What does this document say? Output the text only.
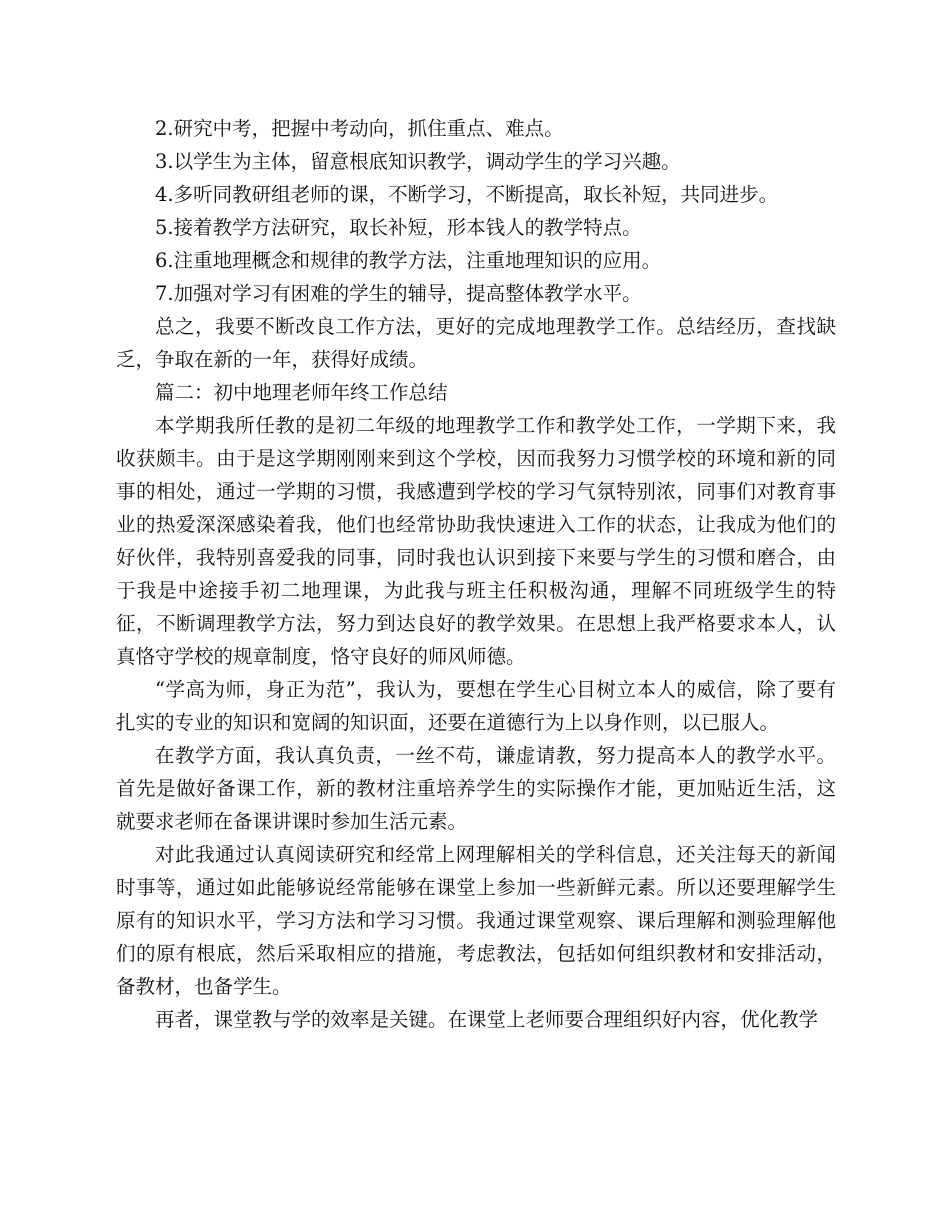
2.研究中考，把握中考动向，抓住重点、难点。

3.以学生为主体，留意根底知识教学，调动学生的学习兴趣。

4.多听同教研组老师的课，不断学习，不断提高，取长补短，共同进步。

5.接着教学方法研究，取长补短，形本钱人的教学特点。

6.注重地理概念和规律的教学方法，注重地理知识的应用。

7.加强对学习有困难的学生的辅导，提高整体教学水平。

总之，我要不断改良工作方法，更好的完成地理教学工作。总结经历，查找缺乏，争取在新的一年，获得好成绩。

篇二：初中地理老师年终工作总结

本学期我所任教的是初二年级的地理教学工作和教学处工作，一学期下来，我收获颇丰。由于是这学期刚刚来到这个学校，因而我努力习惯学校的环境和新的同事的相处，通过一学期的习惯，我感遭到学校的学习气氛特别浓，同事们对教育事业的热爱深深感染着我，他们也经常协助我快速进入工作的状态，让我成为他们的好伙伴，我特别喜爱我的同事，同时我也认识到接下来要与学生的习惯和磨合，由于我是中途接手初二地理课，为此我与班主任积极沟通，理解不同班级学生的特征，不断调理教学方法，努力到达良好的教学效果。在思想上我严格要求本人，认真恪守学校的规章制度，恪守良好的师风师德。

“学高为师，身正为范”，我认为，要想在学生心目树立本人的威信，除了要有扎实的专业的知识和宽阔的知识面，还要在道德行为上以身作则，以已服人。

在教学方面，我认真负责，一丝不苟，谦虚请教，努力提高本人的教学水平。首先是做好备课工作，新的教材注重培养学生的实际操作才能，更加贴近生活，这就要求老师在备课讲课时参加生活元素。

对此我通过认真阅读研究和经常上网理解相关的学科信息，还关注每天的新闻时事等，通过如此能够说经常能够在课堂上参加一些新鲜元素。所以还要理解学生原有的知识水平，学习方法和学习习惯。我通过课堂观察、课后理解和测验理解他们的原有根底，然后采取相应的措施，考虑教法，包括如何组织教材和安排活动，备教材，也备学生。

再者，课堂教与学的效率是关键。在课堂上老师要合理组织好内容，优化教学
